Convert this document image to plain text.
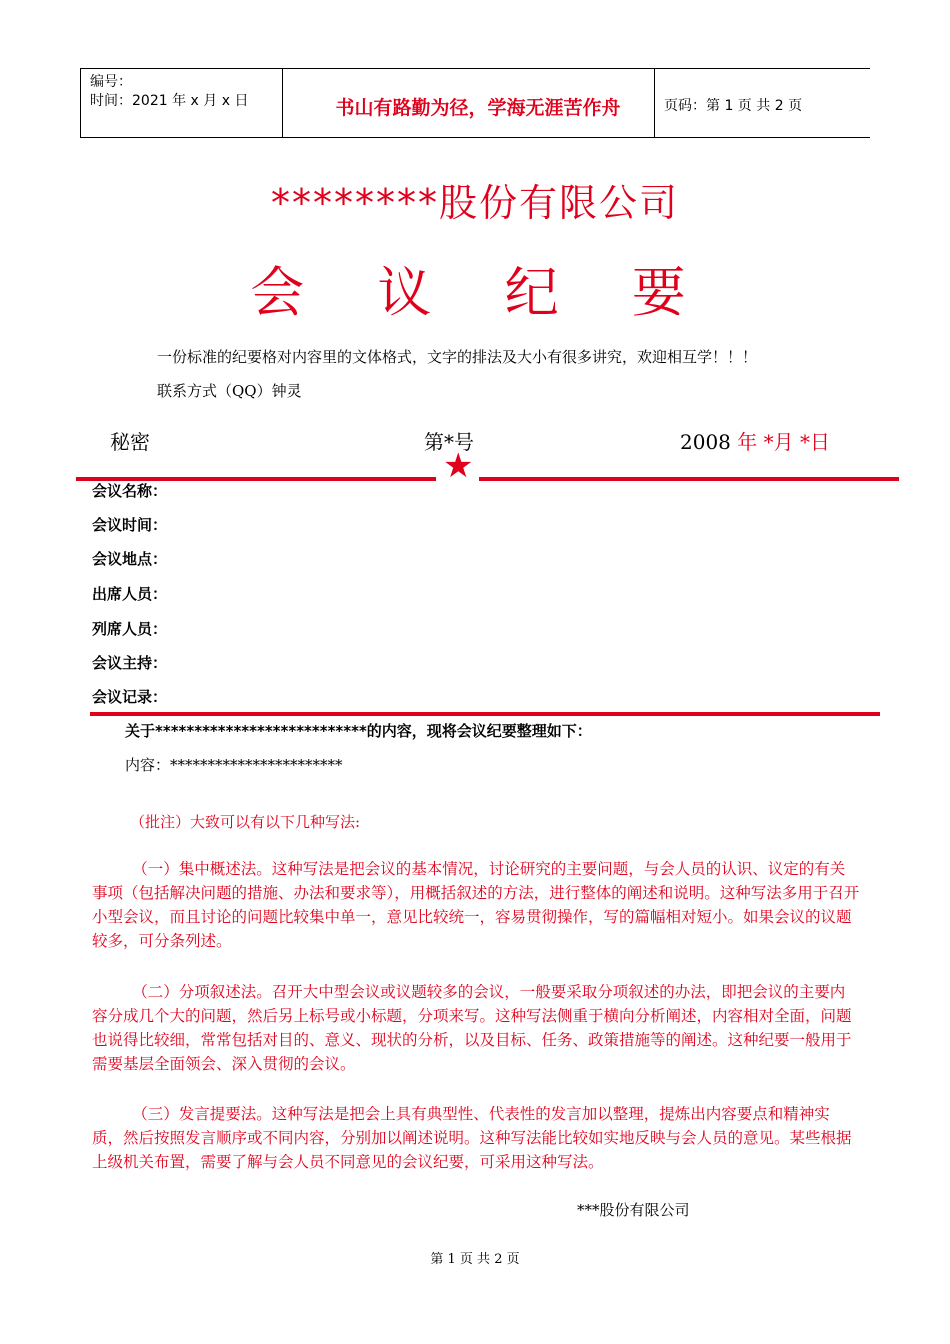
编号：
时间：2021 年 x 月 x 日	书山有路勤为径，学海无涯苦作舟	页码：第 1 页 共 2 页
********股份有限公司
会 议 纪 要
一份标准的纪要格对内容里的文体格式，文字的排法及大小有很多讲究，欢迎相互学！！！
联系方式（QQ）钟灵
秘密	第*号	2008 年 *月 *日
★
会议名称：
会议时间：
会议地点：
出席人员：
列席人员：
会议主持：
会议记录：
关于***************************的内容，现将会议纪要整理如下：
内容：***********************
（批注）大致可以有以下几种写法:

（一）集中概述法。这种写法是把会议的基本情况，讨论研究的主要问题，与会人员的认识、议定的有关事项（包括解决问题的措施、办法和要求等），用概括叙述的方法，进行整体的阐述和说明。这种写法多用于召开小型会议，而且讨论的问题比较集中单一，意见比较统一，容易贯彻操作，写的篇幅相对短小。如果会议的议题较多，可分条列述。

（二）分项叙述法。召开大中型会议或议题较多的会议，一般要采取分项叙述的办法，即把会议的主要内容分成几个大的问题，然后另上标号或小标题，分项来写。这种写法侧重于横向分析阐述，内容相对全面，问题也说得比较细，常常包括对目的、意义、现状的分析，以及目标、任务、政策措施等的阐述。这种纪要一般用于需要基层全面领会、深入贯彻的会议。

（三）发言提要法。这种写法是把会上具有典型性、代表性的发言加以整理，提炼出内容要点和精神实质，然后按照发言顺序或不同内容，分别加以阐述说明。这种写法能比较如实地反映与会人员的意见。某些根据上级机关布置，需要了解与会人员不同意见的会议纪要，可采用这种写法。

***股份有限公司
第 1 页 共 2 页
